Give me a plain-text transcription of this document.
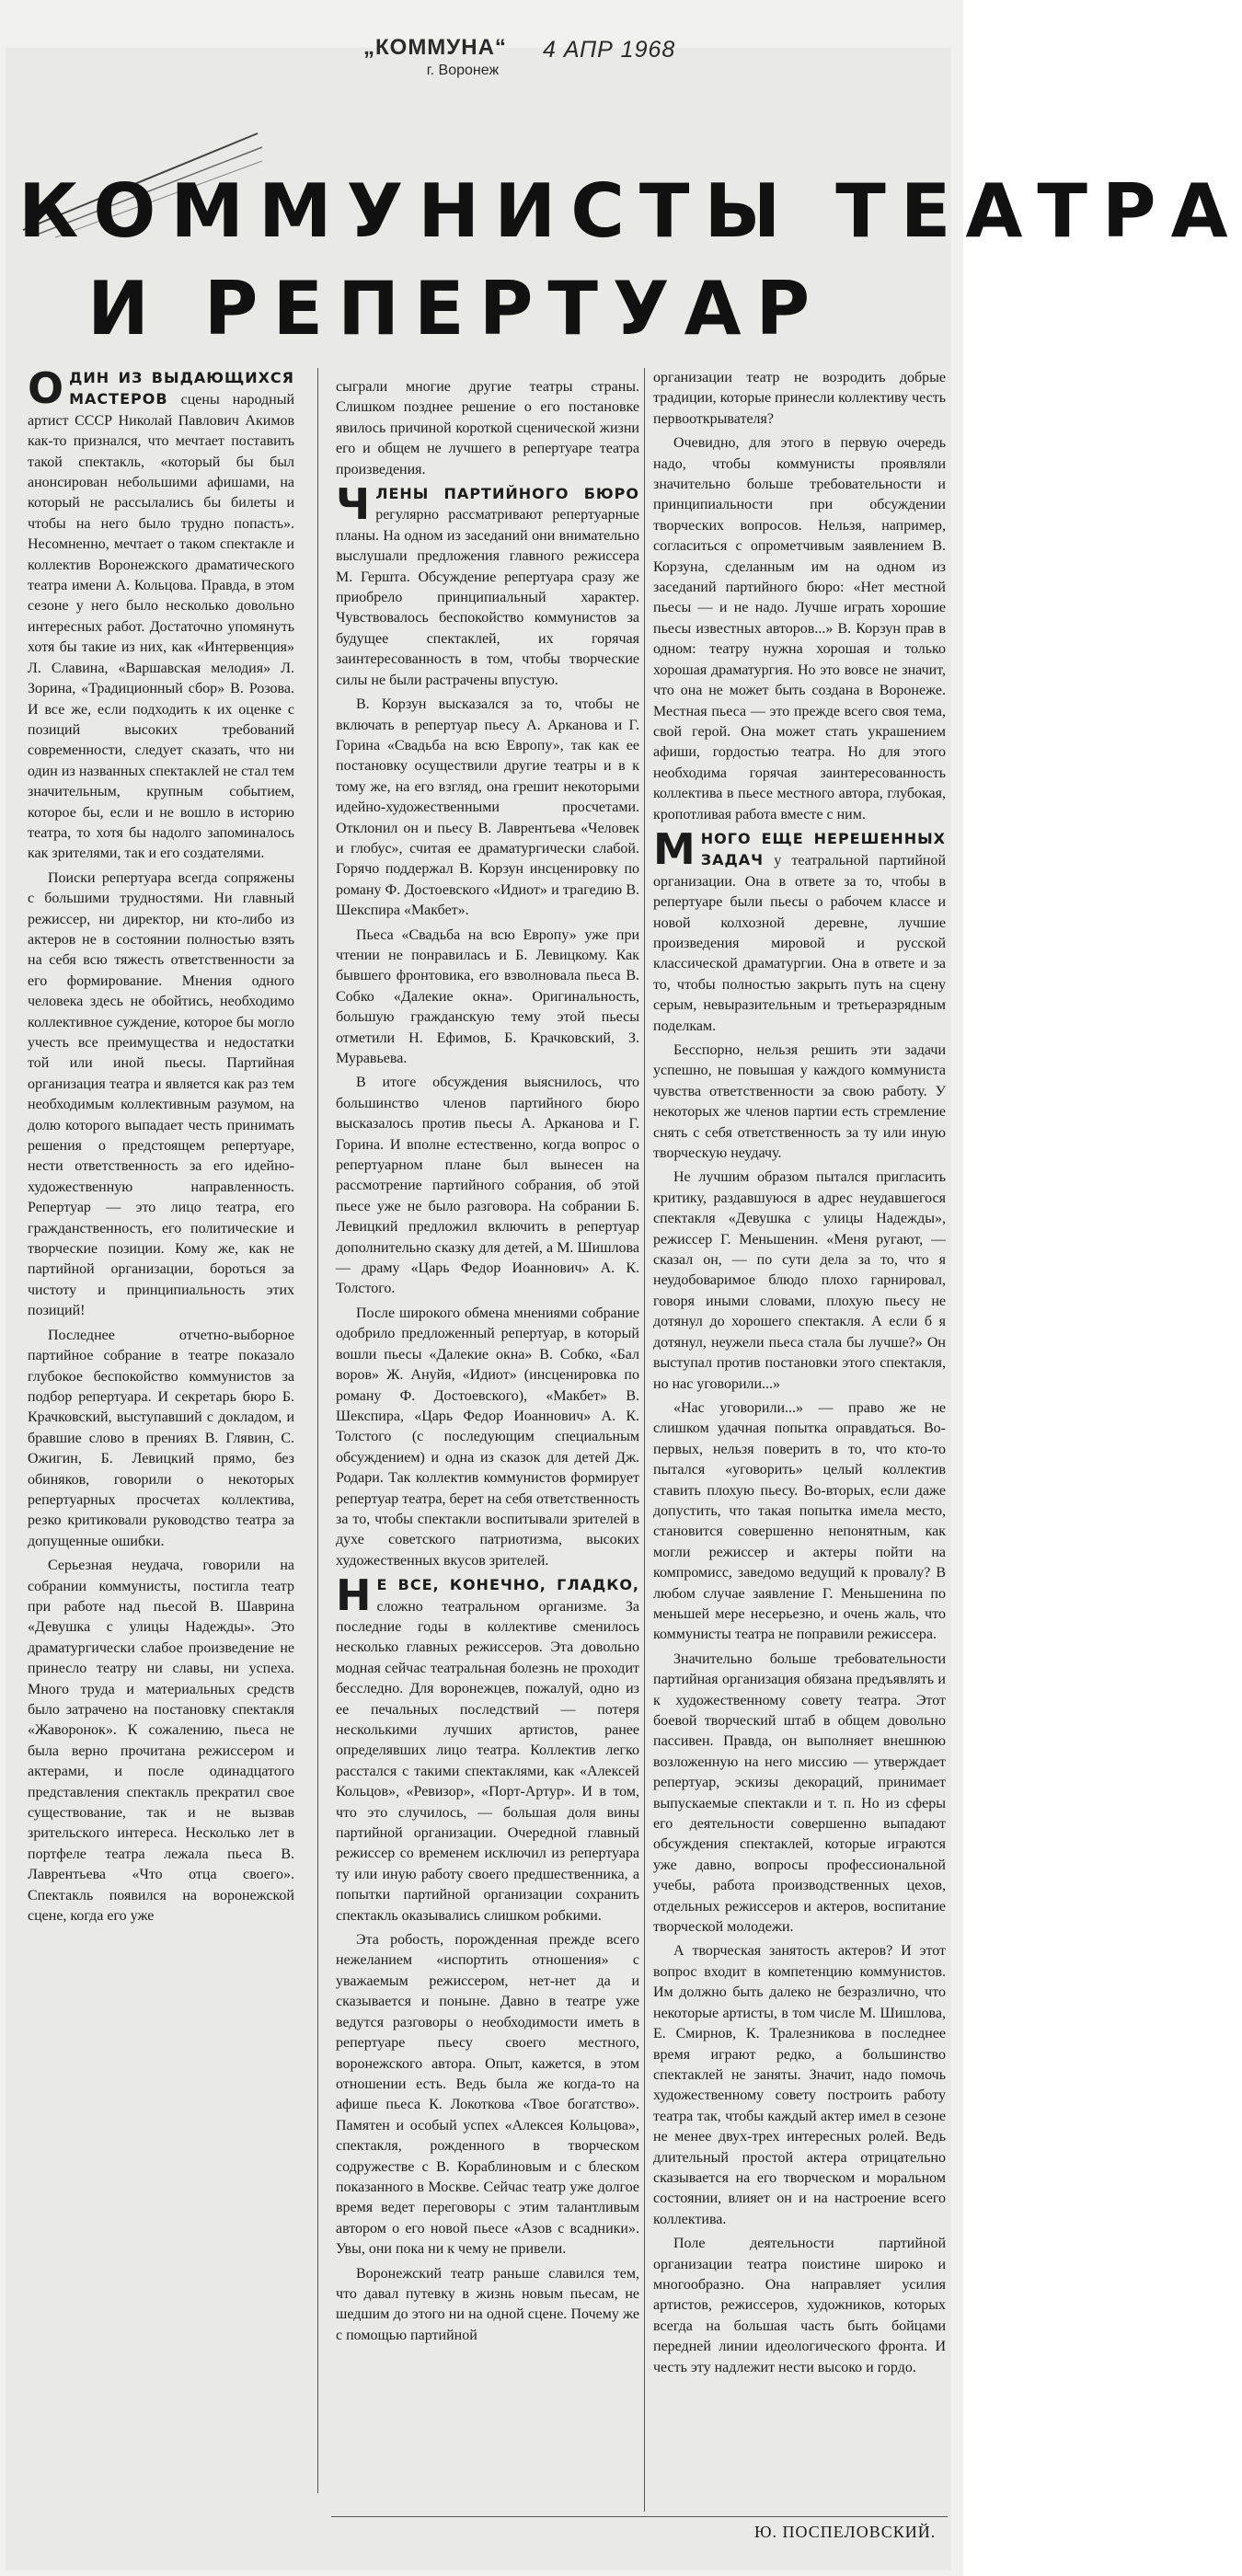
„КОММУНА“
г. Воронеж
4 АПР 1968
КОММУНИСТЫ ТЕАТРА
И РЕПЕРТУАР

ОДИН ИЗ ВЫДАЮЩИХСЯ МАСТЕРОВ сцены народный артист СССР Николай Павлович Акимов как-то признался, что мечтает поставить такой спектакль, «который бы был анонсирован небольшими афишами, на который не рассылались бы билеты и чтобы на него было трудно попасть». Несомненно, мечтает о таком спектакле и коллектив Воронежского драматического театра имени А. Кольцова. Правда, в этом сезоне у него было несколько довольно интересных работ. Достаточно упомянуть хотя бы такие из них, как «Интервенция» Л. Славина, «Варшавская мелодия» Л. Зорина, «Традиционный сбор» В. Розова. И все же, если подходить к их оценке с позиций высоких требований современности, следует сказать, что ни один из названных спектаклей не стал тем значительным, крупным событием, которое бы, если и не вошло в историю театра, то хотя бы надолго запоминалось как зрителями, так и его создателями.

Поиски репертуара всегда сопряжены с большими трудностями. Ни главный режиссер, ни директор, ни кто-либо из актеров не в состоянии полностью взять на себя всю тяжесть ответственности за его формирование. Мнения одного человека здесь не обойтись, необходимо коллективное суждение, которое бы могло учесть все преимущества и недостатки той или иной пьесы. Партийная организация театра и является как раз тем необходимым коллективным разумом, на долю которого выпадает честь принимать решения о предстоящем репертуаре, нести ответственность за его идейно-художественную направленность. Репертуар — это лицо театра, его гражданственность, его политические и творческие позиции. Кому же, как не партийной организации, бороться за чистоту и принципиальность этих позиций!

Последнее отчетно-выборное партийное собрание в театре показало глубокое беспокойство коммунистов за подбор репертуара. И секретарь бюро Б. Крачковский, выступавший с докладом, и бравшие слово в прениях В. Глявин, С. Ожигин, Б. Левицкий прямо, без обиняков, говорили о некоторых репертуарных просчетах коллектива, резко критиковали руководство театра за допущенные ошибки.

Серьезная неудача, говорили на собрании коммунисты, постигла театр при работе над пьесой В. Шаврина «Девушка с улицы Надежды». Это драматургически слабое произведение не принесло театру ни славы, ни успеха. Много труда и материальных средств было затрачено на постановку спектакля «Жаворонок». К сожалению, пьеса не была верно прочитана режиссером и актерами, и после одинадцатого представления спектакль прекратил свое существование, так и не вызвав зрительского интереса. Несколько лет в портфеле театра лежала пьеса В. Лаврентьева «Что отца своего». Спектакль появился на воронежской сцене, когда его уже

сыграли многие другие театры страны. Слишком позднее решение о его постановке явилось причиной короткой сценической жизни его и общем не лучшего в репертуаре театра произведения.

ЧЛЕНЫ ПАРТИЙНОГО БЮРО регулярно рассматривают репертуарные планы. На одном из заседаний они внимательно выслушали предложения главного режиссера М. Гершта. Обсуждение репертуара сразу же приобрело принципиальный характер. Чувствовалось беспокойство коммунистов за будущее спектаклей, их горячая заинтересованность в том, чтобы творческие силы не были растрачены впустую.

В. Корзун высказался за то, чтобы не включать в репертуар пьесу А. Арканова и Г. Горина «Свадьба на всю Европу», так как ее постановку осуществили другие театры и в к тому же, на его взгляд, она грешит некоторыми идейно-художественными просчетами. Отклонил он и пьесу В. Лаврентьева «Человек и глобус», считая ее драматургически слабой. Горячо поддержал В. Корзун инсценировку по роману Ф. Достоевского «Идиот» и трагедию В. Шекспира «Макбет».

Пьеса «Свадьба на всю Европу» уже при чтении не понравилась и Б. Левицкому. Как бывшего фронтовика, его взволновала пьеса В. Собко «Далекие окна». Оригинальность, большую гражданскую тему этой пьесы отметили Н. Ефимов, Б. Крачковский, З. Муравьева.

В итоге обсуждения выяснилось, что большинство членов партийного бюро высказалось против пьесы А. Арканова и Г. Горина. И вполне естественно, когда вопрос о репертуарном плане был вынесен на рассмотрение партийного собрания, об этой пьесе уже не было разговора. На собрании Б. Левицкий предложил включить в репертуар дополнительно сказку для детей, а М. Шишлова — драму «Царь Федор Иоаннович» А. К. Толстого.

После широкого обмена мнениями собрание одобрило предложенный репертуар, в который вошли пьесы «Далекие окна» В. Собко, «Бал воров» Ж. Ануйя, «Идиот» (инсценировка по роману Ф. Достоевского), «Макбет» В. Шекспира, «Царь Федор Иоаннович» А. К. Толстого (с последующим специальным обсуждением) и одна из сказок для детей Дж. Родари. Так коллектив коммунистов формирует репертуар театра, берет на себя ответственность за то, чтобы спектакли воспитывали зрителей в духе советского патриотизма, высоких художественных вкусов зрителей.

Н Е ВСЕ, КОНЕЧНО, ГЛАДКО, сложно театральном организме. За последние годы в коллективе сменилось несколько главных режиссеров. Эта довольно модная сейчас театральная болезнь не проходит бесследно. Для воронежцев, пожалуй, одно из ее печальных последствий — потеря несколькими лучших артистов, ранее определявших лицо театра. Коллектив легко расстался с такими спектаклями, как «Алексей Кольцов», «Ревизор», «Порт-Артур». И в том, что это случилось, — большая доля вины партийной организации. Очередной главный режиссер со временем исключил из репертуара ту или иную работу своего предшественника, а попытки партийной организации сохранить спектакль оказывались слишком робкими.

Эта робость, порожденная прежде всего нежеланием «испортить отношения» с уважаемым режиссером, нет-нет да и сказывается и поныне. Давно в театре уже ведутся разговоры о необходимости иметь в репертуаре пьесу своего местного, воронежского автора. Опыт, кажется, в этом отношении есть. Ведь была же когда-то на афише пьеса К. Локоткова «Твое богатство». Памятен и особый успех «Алексея Кольцова», спектакля, рожденного в творческом содружестве с В. Кораблиновым и с блеском показанного в Москве. Сейчас театр уже долгое время ведет переговоры с этим талантливым автором о его новой пьесе «Азов с всадники». Увы, они пока ни к чему не привели.

Воронежский театр раньше славился тем, что давал путевку в жизнь новым пьесам, не шедшим до этого ни на одной сцене. Почему же с помощью партийной

организации театр не возродить добрые традиции, которые принесли коллективу честь первооткрывателя?

Очевидно, для этого в первую очередь надо, чтобы коммунисты проявляли значительно больше требовательности и принципиальности при обсуждении творческих вопросов. Нельзя, например, согласиться с опрометчивым заявлением В. Корзуна, сделанным им на одном из заседаний партийного бюро: «Нет местной пьесы — и не надо. Лучше играть хорошие пьесы известных авторов...» В. Корзун прав в одном: театру нужна хорошая и только хорошая драматургия. Но это вовсе не значит, что она не может быть создана в Воронеже. Местная пьеса — это прежде всего своя тема, свой герой. Она может стать украшением афиши, гордостью театра. Но для этого необходима горячая заинтересованность коллектива в пьесе местного автора, глубокая, кропотливая работа вместе с ним.

МНОГО ЕЩЕ НЕРЕШЕННЫХ ЗАДАЧ у театральной партийной организации. Она в ответе за то, чтобы в репертуаре были пьесы о рабочем классе и новой колхозной деревне, лучшие произведения мировой и русской классической драматургии. Она в ответе и за то, чтобы полностью закрыть путь на сцену серым, невыразительным и третьеразрядным поделкам.

Бесспорно, нельзя решить эти задачи успешно, не повышая у каждого коммуниста чувства ответственности за свою работу. У некоторых же членов партии есть стремление снять с себя ответственность за ту или иную творческую неудачу.

Не лучшим образом пытался пригласить критику, раздавшуюся в адрес неудавшегося спектакля «Девушка с улицы Надежды», режиссер Г. Меньшенин. «Меня ругают, — сказал он, — по сути дела за то, что я неудобоваримое блюдо плохо гарнировал, говоря иными словами, плохую пьесу не дотянул до хорошего спектакля. А если б я дотянул, неужели пьеса стала бы лучше?» Он выступал против постановки этого спектакля, но нас уговорили...»

«Нас уговорили...» — право же не слишком удачная попытка оправдаться. Во-первых, нельзя поверить в то, что кто-то пытался «уговорить» целый коллектив ставить плохую пьесу. Во-вторых, если даже допустить, что такая попытка имела место, становится совершенно непонятным, как могли режиссер и актеры пойти на компромисс, заведомо ведущий к провалу? В любом случае заявление Г. Меньшенина по меньшей мере несерьезно, и очень жаль, что коммунисты театра не поправили режиссера.

Значительно больше требовательности партийная организация обязана предъявлять и к художественному совету театра. Этот боевой творческий штаб в общем довольно пассивен. Правда, он выполняет внешнюю возложенную на него миссию — утверждает репертуар, эскизы декораций, принимает выпускаемые спектакли и т. п. Но из сферы его деятельности совершенно выпадают обсуждения спектаклей, которые играются уже давно, вопросы профессиональной учебы, работа производственных цехов, отдельных режиссеров и актеров, воспитание творческой молодежи.

А творческая занятость актеров? И этот вопрос входит в компетенцию коммунистов. Им должно быть далеко не безразлично, что некоторые артисты, в том числе М. Шишлова, Е. Смирнов, К. Тралезникова в последнее время играют редко, а большинство спектаклей не заняты. Значит, надо помочь художественному совету построить работу театра так, чтобы каждый актер имел в сезоне не менее двух-трех интересных ролей. Ведь длительный простой актера отрицательно сказывается на его творческом и моральном состоянии, влияет он и на настроение всего коллектива.

Поле деятельности партийной организации театра поистине широко и многообразно. Она направляет усилия артистов, режиссеров, художников, которых всегда на большая часть быть бойцами передней линии идеологического фронта. И честь эту надлежит нести высоко и гордо.

Ю. ПОСПЕЛОВСКИЙ.
